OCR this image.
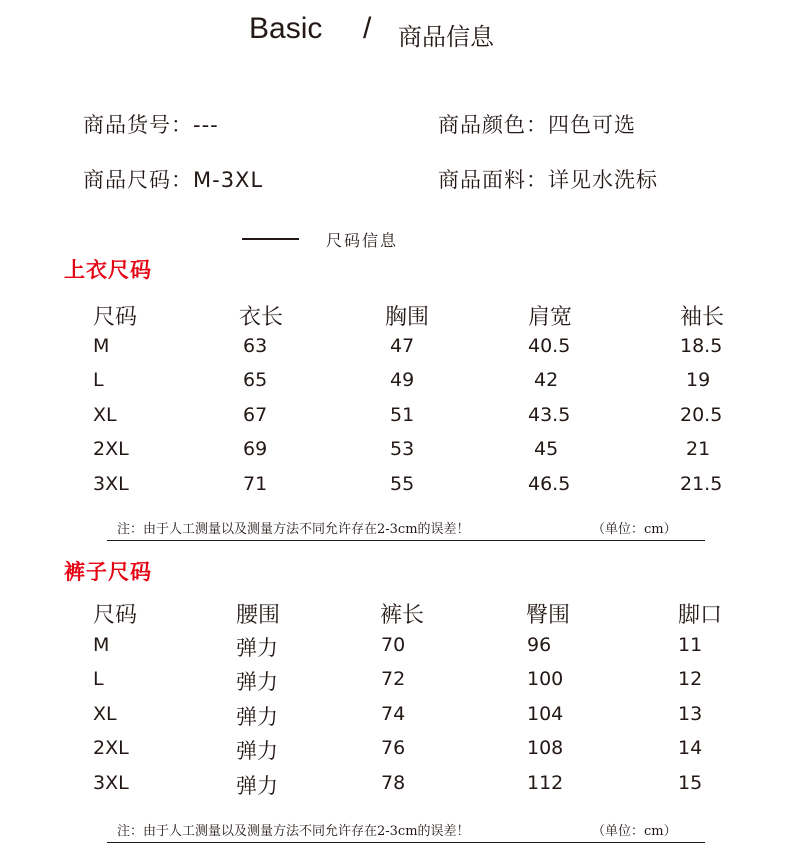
Basic / 商品信息
商品货号：---	商品颜色：四色可选
商品尺码：M-3XL	商品面料：详见水洗标
尺码信息
上衣尺码
尺码	衣长	胸围	肩宽	袖长
M	63	47	40.5	18.5
L	65	49	42	19
XL	67	51	43.5	20.5
2XL	69	53	45	21
3XL	71	55	46.5	21.5
注：由于人工测量以及测量方法不同允许存在2-3cm的误差！	（单位：cm）
裤子尺码
尺码	腰围	裤长	臀围	脚口
M	弹力	70	96	11
L	弹力	72	100	12
XL	弹力	74	104	13
2XL	弹力	76	108	14
3XL	弹力	78	112	15
注：由于人工测量以及测量方法不同允许存在2-3cm的误差！	（单位：cm）
